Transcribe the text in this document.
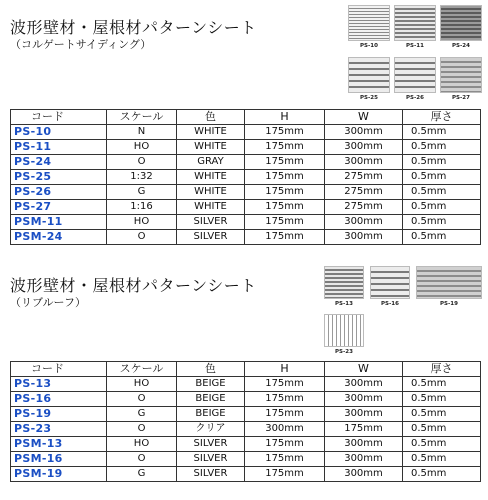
波形壁材・屋根材パターンシート
（コルゲートサイディング）	PS-10	PS-11	PS-24
PS-25	PS-26	PS-27
コード	スケール	色	H	W	厚さ
PS-10	N	WHITE	175mm	300mm	0.5mm
PS-11	HO	WHITE	175mm	300mm	0.5mm
PS-24	O	GRAY	175mm	300mm	0.5mm
PS-25	1:32	WHITE	175mm	275mm	0.5mm
PS-26	G	WHITE	175mm	275mm	0.5mm
PS-27	1:16	WHITE	175mm	275mm	0.5mm
PSM-11	HO	SILVER	175mm	300mm	0.5mm
PSM-24	O	SILVER	175mm	300mm	0.5mm
波形壁材・屋根材パターンシート
（リブルーフ）	PS-13	PS-16	PS-19
PS-23
コード	スケール	色	H	W	厚さ
PS-13	HO	BEIGE	175mm	300mm	0.5mm
PS-16	O	BEIGE	175mm	300mm	0.5mm
PS-19	G	BEIGE	175mm	300mm	0.5mm
PS-23	O	クリア	300mm	175mm	0.5mm
PSM-13	HO	SILVER	175mm	300mm	0.5mm
PSM-16	O	SILVER	175mm	300mm	0.5mm
PSM-19	G	SILVER	175mm	300mm	0.5mm
